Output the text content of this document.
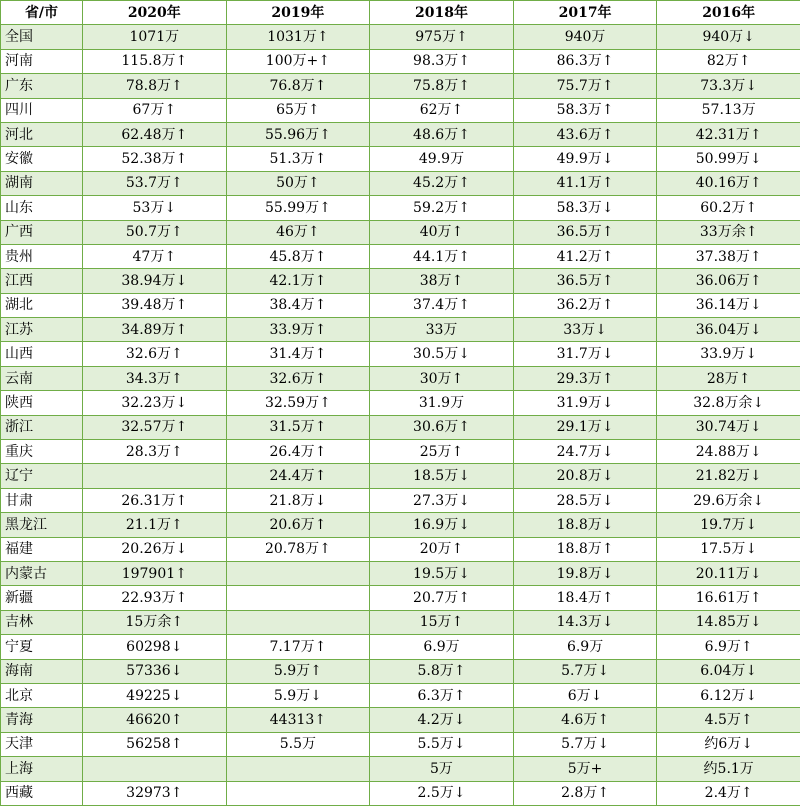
省/市	2020年	2019年	2018年	2017年	2016年
全国	1071万	1031万↑	975万↑	940万	940万↓
河南	115.8万↑	100万+↑	98.3万↑	86.3万↑	82万↑
广东	78.8万↑	76.8万↑	75.8万↑	75.7万↑	73.3万↓
四川	67万↑	65万↑	62万↑	58.3万↑	57.13万
河北	62.48万↑	55.96万↑	48.6万↑	43.6万↑	42.31万↑
安徽	52.38万↑	51.3万↑	49.9万	49.9万↓	50.99万↓
湖南	53.7万↑	50万↑	45.2万↑	41.1万↑	40.16万↑
山东	53万↓	55.99万↑	59.2万↑	58.3万↓	60.2万↑
广西	50.7万↑	46万↑	40万↑	36.5万↑	33万余↑
贵州	47万↑	45.8万↑	44.1万↑	41.2万↑	37.38万↑
江西	38.94万↓	42.1万↑	38万↑	36.5万↑	36.06万↑
湖北	39.48万↑	38.4万↑	37.4万↑	36.2万↑	36.14万↓
江苏	34.89万↑	33.9万↑	33万	33万↓	36.04万↓
山西	32.6万↑	31.4万↑	30.5万↓	31.7万↓	33.9万↓
云南	34.3万↑	32.6万↑	30万↑	29.3万↑	28万↑
陕西	32.23万↓	32.59万↑	31.9万	31.9万↓	32.8万余↓
浙江	32.57万↑	31.5万↑	30.6万↑	29.1万↓	30.74万↓
重庆	28.3万↑	26.4万↑	25万↑	24.7万↓	24.88万↓
辽宁		24.4万↑	18.5万↓	20.8万↓	21.82万↓
甘肃	26.31万↑	21.8万↓	27.3万↓	28.5万↓	29.6万余↓
黑龙江	21.1万↑	20.6万↑	16.9万↓	18.8万↓	19.7万↓
福建	20.26万↓	20.78万↑	20万↑	18.8万↑	17.5万↓
内蒙古	197901↑		19.5万↓	19.8万↓	20.11万↓
新疆	22.93万↑		20.7万↑	18.4万↑	16.61万↑
吉林	15万余↑		15万↑	14.3万↓	14.85万↓
宁夏	60298↓	7.17万↑	6.9万	6.9万	6.9万↑
海南	57336↓	5.9万↑	5.8万↑	5.7万↓	6.04万↓
北京	49225↓	5.9万↓	6.3万↑	6万↓	6.12万↓
青海	46620↑	44313↑	4.2万↓	4.6万↑	4.5万↑
天津	56258↑	5.5万	5.5万↓	5.7万↓	约6万↓
上海			5万	5万+	约5.1万
西藏	32973↑		2.5万↓	2.8万↑	2.4万↑
